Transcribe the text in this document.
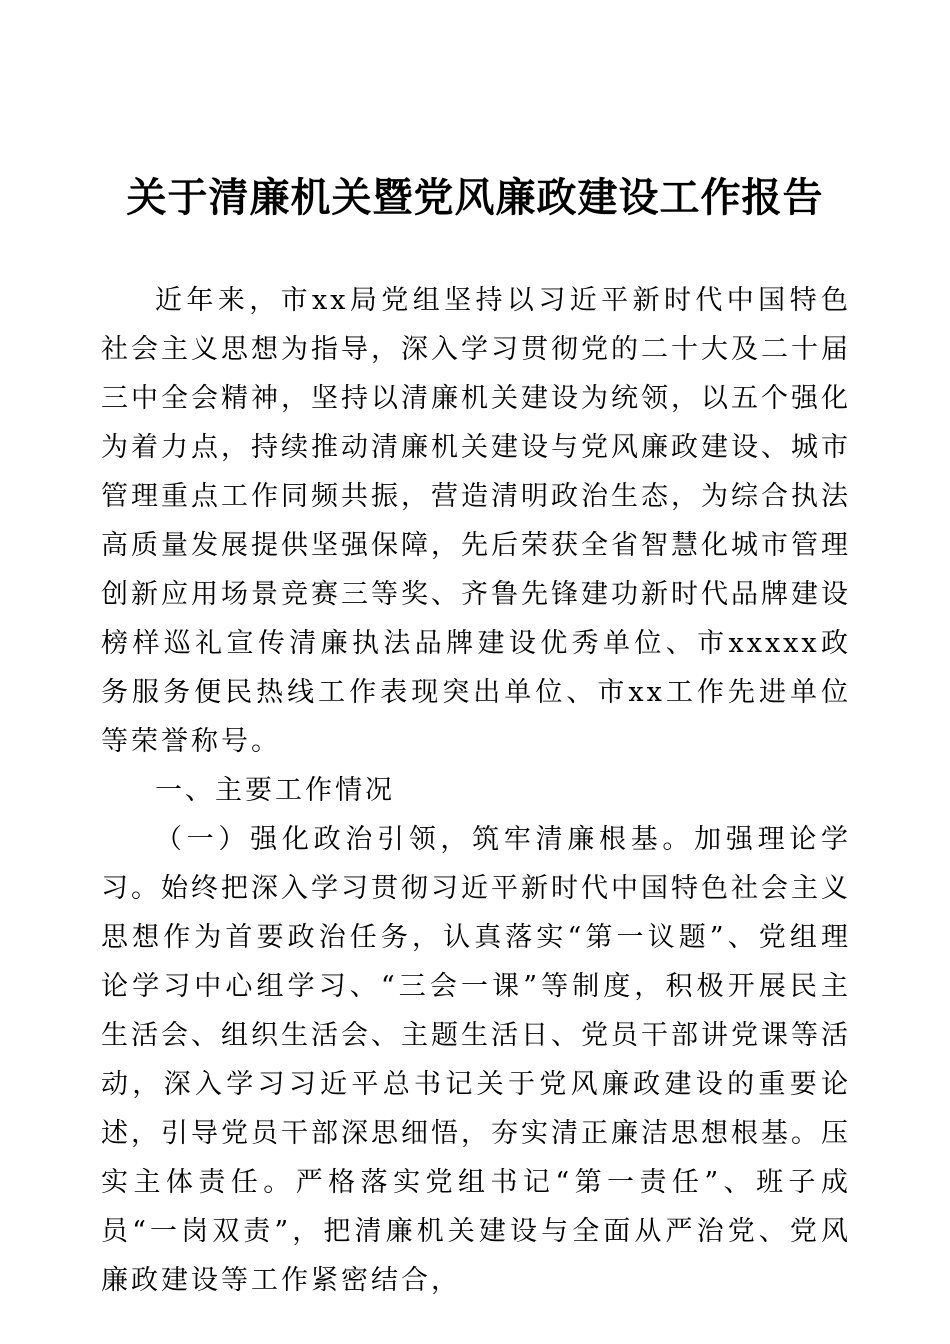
关于清廉机关暨党风廉政建设工作报告

近年来，市xx局党组坚持以习近平新时代中国特色社会主义思想为指导，深入学习贯彻党的二十大及二十届三中全会精神，坚持以清廉机关建设为统领，以五个强化为着力点，持续推动清廉机关建设与党风廉政建设、城市管理重点工作同频共振，营造清明政治生态，为综合执法高质量发展提供坚强保障，先后荣获全省智慧化城市管理创新应用场景竞赛三等奖、齐鲁先锋建功新时代品牌建设榜样巡礼宣传清廉执法品牌建设优秀单位、市xxxxx政务服务便民热线工作表现突出单位、市xx工作先进单位等荣誉称号。

一、主要工作情况

（一）强化政治引领，筑牢清廉根基。加强理论学习。始终把深入学习贯彻习近平新时代中国特色社会主义思想作为首要政治任务，认真落实“第一议题”、党组理论学习中心组学习、“三会一课”等制度，积极开展民主生活会、组织生活会、主题生活日、党员干部讲党课等活动，深入学习习近平总书记关于党风廉政建设的重要论述，引导党员干部深思细悟，夯实清正廉洁思想根基。压实主体责任。严格落实党组书记“第一责任”、班子成员“一岗双责”，把清廉机关建设与全面从严治党、党风廉政建设等工作紧密结合，
